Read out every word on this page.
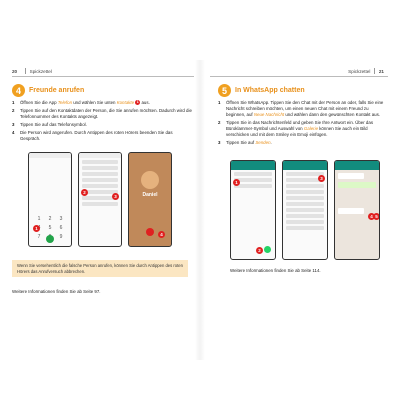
20	Spickzettel
4	Freunde anrufen
1	Öffnen Sie die App Telefon und wählen Sie unten Kontakte 1 aus.
2	Tippen Sie auf den Kontaktdaten der Person, die Sie anrufen möchten. Dadurch wird die Telefonnummer des Kontakts angezeigt.
3	Tippen Sie auf das Telefonsymbol.
4	Die Person wird angerufen. Durch Antippen des roten Hörers beenden Sie das Gespräch.
1	2	3
5	6
7	9
1
2
3	Daniel
4
Wenn Sie versehentlich die falsche Person anrufen, können Sie durch Antippen des roten Hörers das Anrufversuch abbrechen.
Weitere Informationen finden Sie ab Seite 97.
Spickzettel 21
5	In WhatsApp chatten
1	Öffnen Sie WhatsApp. Tippen Sie den Chat mit der Person an oder, falls Sie eine Nachricht schreiben möchten, um einen neuen Chat mit einem Freund zu beginnen, auf Neue Nachricht und wählen dann den gewünschten Kontakt aus.
2	Tippen Sie in das Nachrichtenfeld und geben Sie Ihre Antwort ein. Über das Büroklammer-Symbol und Auswahl von Galerie können Sie auch ein Bild verschicken und mit dem Smiley ein Emoji einfügen.
3	Tippen Sie auf Senden.
1
2
3
4 5
Weitere Informationen finden Sie ab Seite 114.
